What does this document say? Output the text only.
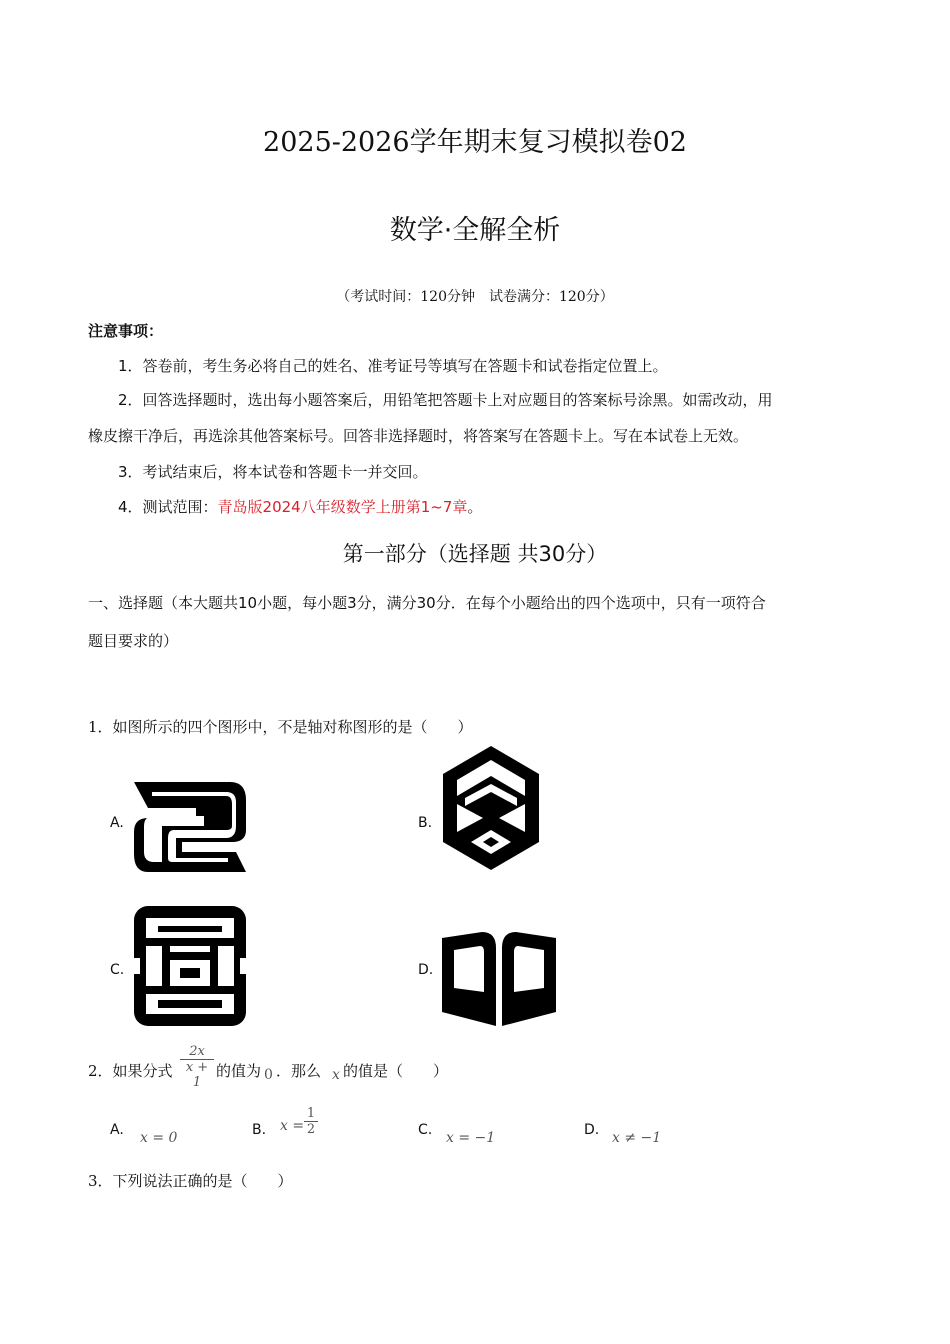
2025-2026学年期末复习模拟卷02
数学·全解全析
（考试时间：120分钟　试卷满分：120分）
注意事项：
1．答卷前，考生务必将自己的姓名、准考证号等填写在答题卡和试卷指定位置上。
2．回答选择题时，选出每小题答案后，用铅笔把答题卡上对应题目的答案标号涂黑。如需改动，用
橡皮擦干净后，再选涂其他答案标号。回答非选择题时，将答案写在答题卡上。写在本试卷上无效。
3．考试结束后，将本试卷和答题卡一并交回。
4．测试范围：青岛版2024八年级数学上册第1~7章。
第一部分（选择题 共30分）
一、选择题（本大题共10小题，每小题3分，满分30分．在每个小题给出的四个选项中，只有一项符合
题目要求的）
1．如图所示的四个图形中，不是轴对称图形的是（　　）
A.	B.
C.	D.
2．如果分式 $\frac{2x}{x + 1}$ 的值为 0 ．那么 x 的值是（　　）
A. x = 0	B. $x = \frac{1}{2}$	C. x = −1	D. x ≠ −1
3．下列说法正确的是（　　）
